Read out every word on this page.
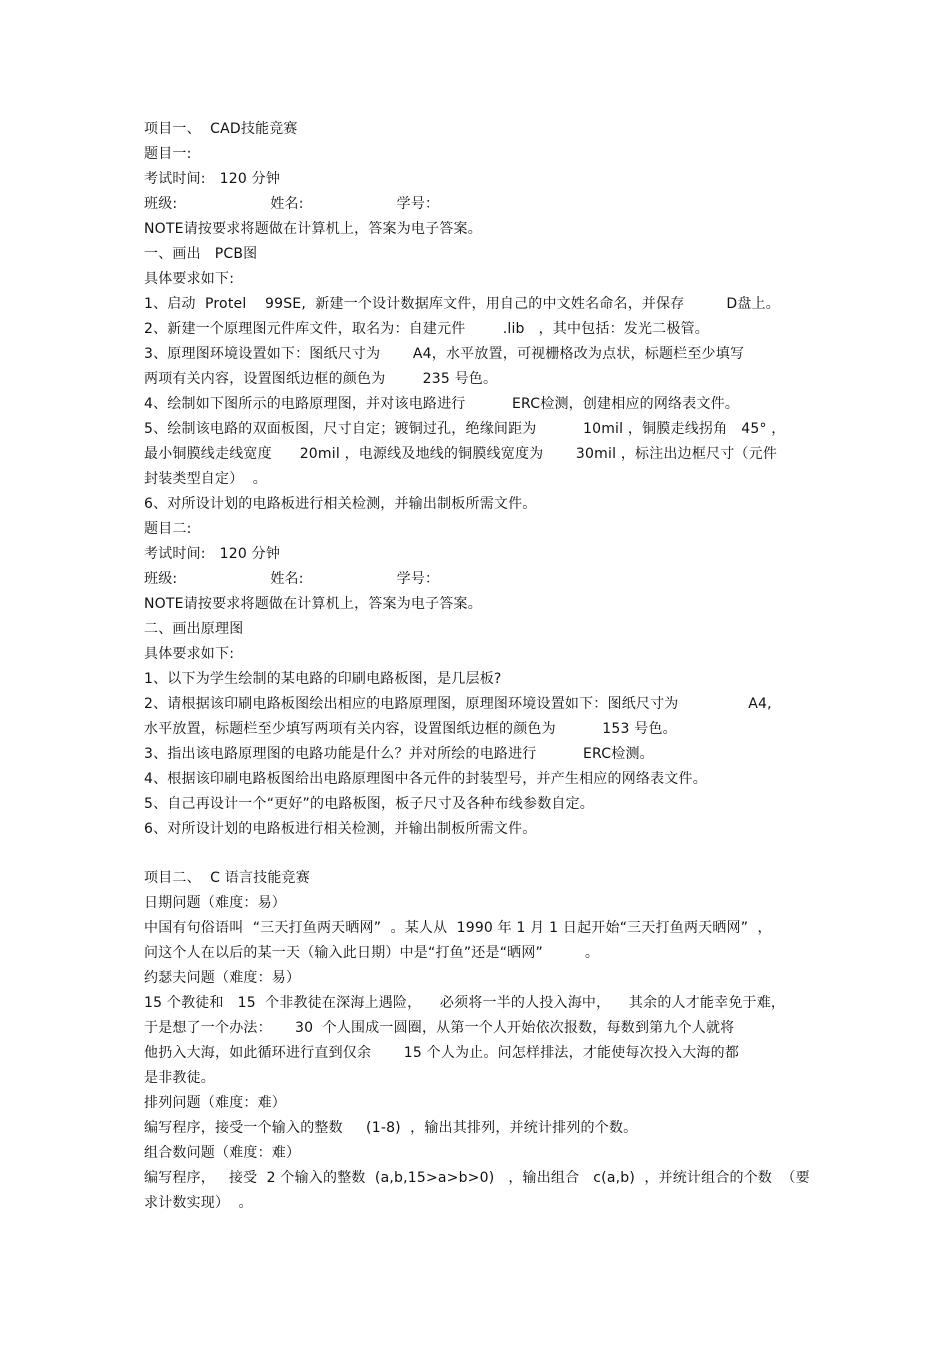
项目一、  CAD技能竞赛
题目一:
考试时间:   120 分钟
班级:                    姓名:                    学号：
NOTE请按要求将题做在计算机上，答案为电子答案。
一、画出   PCB图
具体要求如下:
1、启动  Protel    99SE,  新建一个设计数据库文件，用自己的中文姓名命名，并保存         D盘上。
2、新建一个原理图元件库文件，取名为：自建元件        .lib   ，其中包括：发光二极管。
3、原理图环境设置如下：图纸尺寸为       A4，水平放置，可视栅格改为点状，标题栏至少填写
两项有关内容，设置图纸边框的颜色为        235 号色。
4、绘制如下图所示的电路原理图，并对该电路进行          ERC检测，创建相应的网络表文件。
5、绘制该电路的双面板图，尺寸自定；镀铜过孔，绝缘间距为          10mil ，铜膜走线拐角   45° ，
最小铜膜线走线宽度      20mil ，电源线及地线的铜膜线宽度为       30mil ，标注出边框尺寸（元件
封装类型自定）  。
6、对所设计划的电路板进行相关检测，并输出制板所需文件。
题目二:
考试时间:   120 分钟
班级:                    姓名:                    学号：
NOTE请按要求将题做在计算机上，答案为电子答案。
二、画出原理图
具体要求如下:
1、以下为学生绘制的某电路的印刷电路板图，是几层板?
2、请根据该印刷电路板图绘出相应的电路原理图，原理图环境设置如下：图纸尺寸为               A4,
水平放置，标题栏至少填写两项有关内容，设置图纸边框的颜色为          153 号色。
3、指出该电路原理图的电路功能是什么？并对所绘的电路进行          ERC检测。
4、根据该印刷电路板图给出电路原理图中各元件的封装型号，并产生相应的网络表文件。
5、自己再设计一个“更好”的电路板图，板子尺寸及各种布线参数自定。
6、对所设计划的电路板进行相关检测，并输出制板所需文件。
项目二、  C 语言技能竞赛
日期问题（难度：易）
中国有句俗语叫  “三天打鱼两天晒网”  。某人从  1990 年 1 月 1 日起开始“三天打鱼两天晒网”  ，
问这个人在以后的某一天（输入此日期）中是“打鱼”还是“晒网”         。
约瑟夫问题（难度：易）
15 个教徒和   15  个非教徒在深海上遇险，    必须将一半的人投入海中，    其余的人才能幸免于难，
于是想了一个办法：     30  个人围成一圆圈，从第一个人开始依次报数，每数到第九个人就将
他扔入大海，如此循环进行直到仅余       15 个人为止。问怎样排法，才能使每次投入大海的都
是非教徒。
排列问题（难度：难）
编写程序，接受一个输入的整数     (1-8)  ，输出其排列，并统计排列的个数。
组合数问题（难度：难）
编写程序，   接受  2 个输入的整数  (a,b,15>a>b>0)   ，输出组合   c(a,b)  ，并统计组合的个数  （要
求计数实现）  。
